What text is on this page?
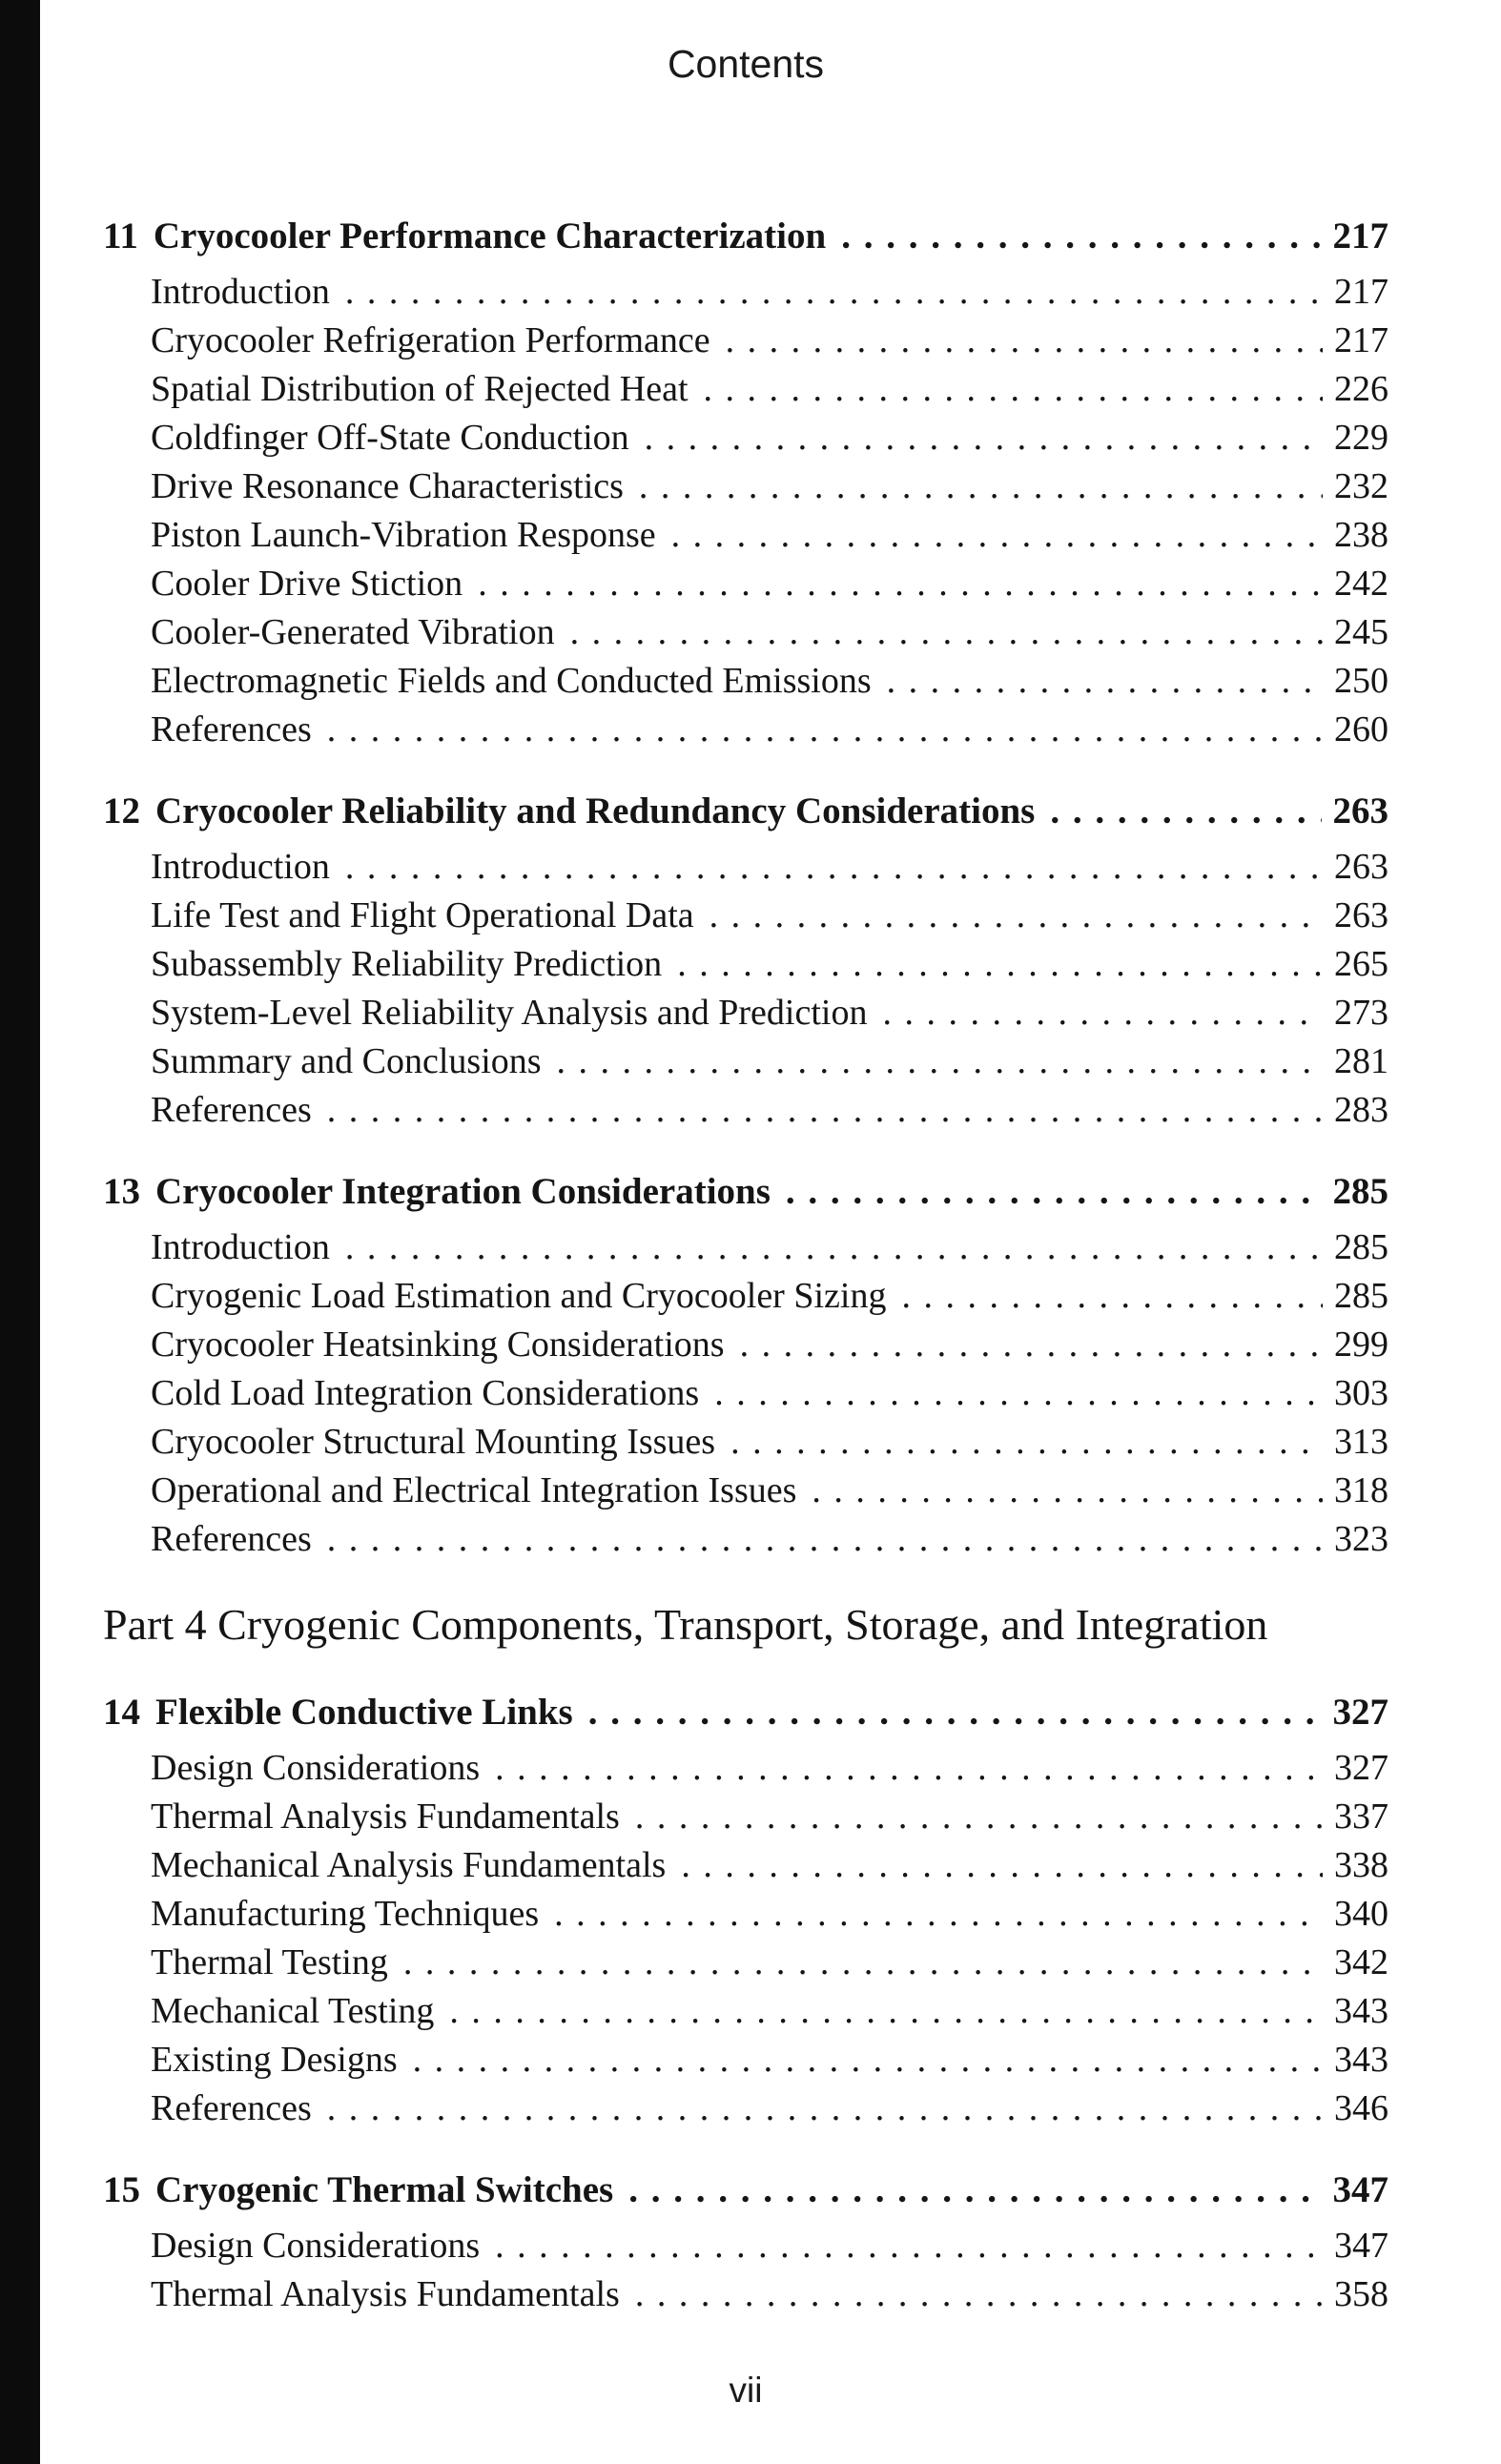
Contents
11 Cryocooler Performance Characterization . . .	217
Introduction . . .	217
Cryocooler Refrigeration Performance . . .	217
Spatial Distribution of Rejected Heat . . .	226
Coldfinger Off-State Conduction . . .	229
Drive Resonance Characteristics . . .	232
Piston Launch-Vibration Response . . .	238
Cooler Drive Stiction . . .	242
Cooler-Generated Vibration . . .	245
Electromagnetic Fields and Conducted Emissions . . .	250
References . . .	260
12 Cryocooler Reliability and Redundancy Considerations . . .	263
Introduction . . .	263
Life Test and Flight Operational Data . . .	263
Subassembly Reliability Prediction . . .	265
System-Level Reliability Analysis and Prediction . . .	273
Summary and Conclusions . . .	281
References . . .	283
13 Cryocooler Integration Considerations . . .	285
Introduction . . .	285
Cryogenic Load Estimation and Cryocooler Sizing . . .	285
Cryocooler Heatsinking Considerations . . .	299
Cold Load Integration Considerations . . .	303
Cryocooler Structural Mounting Issues . . .	313
Operational and Electrical Integration Issues . . .	318
References . . .	323
Part 4 Cryogenic Components, Transport, Storage, and Integration
14 Flexible Conductive Links . . .	327
Design Considerations . . .	327
Thermal Analysis Fundamentals . . .	337
Mechanical Analysis Fundamentals . . .	338
Manufacturing Techniques . . .	340
Thermal Testing . . .	342
Mechanical Testing . . .	343
Existing Designs . . .	343
References . . .	346
15 Cryogenic Thermal Switches . . .	347
Design Considerations . . .	347
Thermal Analysis Fundamentals . . .	358
vii
